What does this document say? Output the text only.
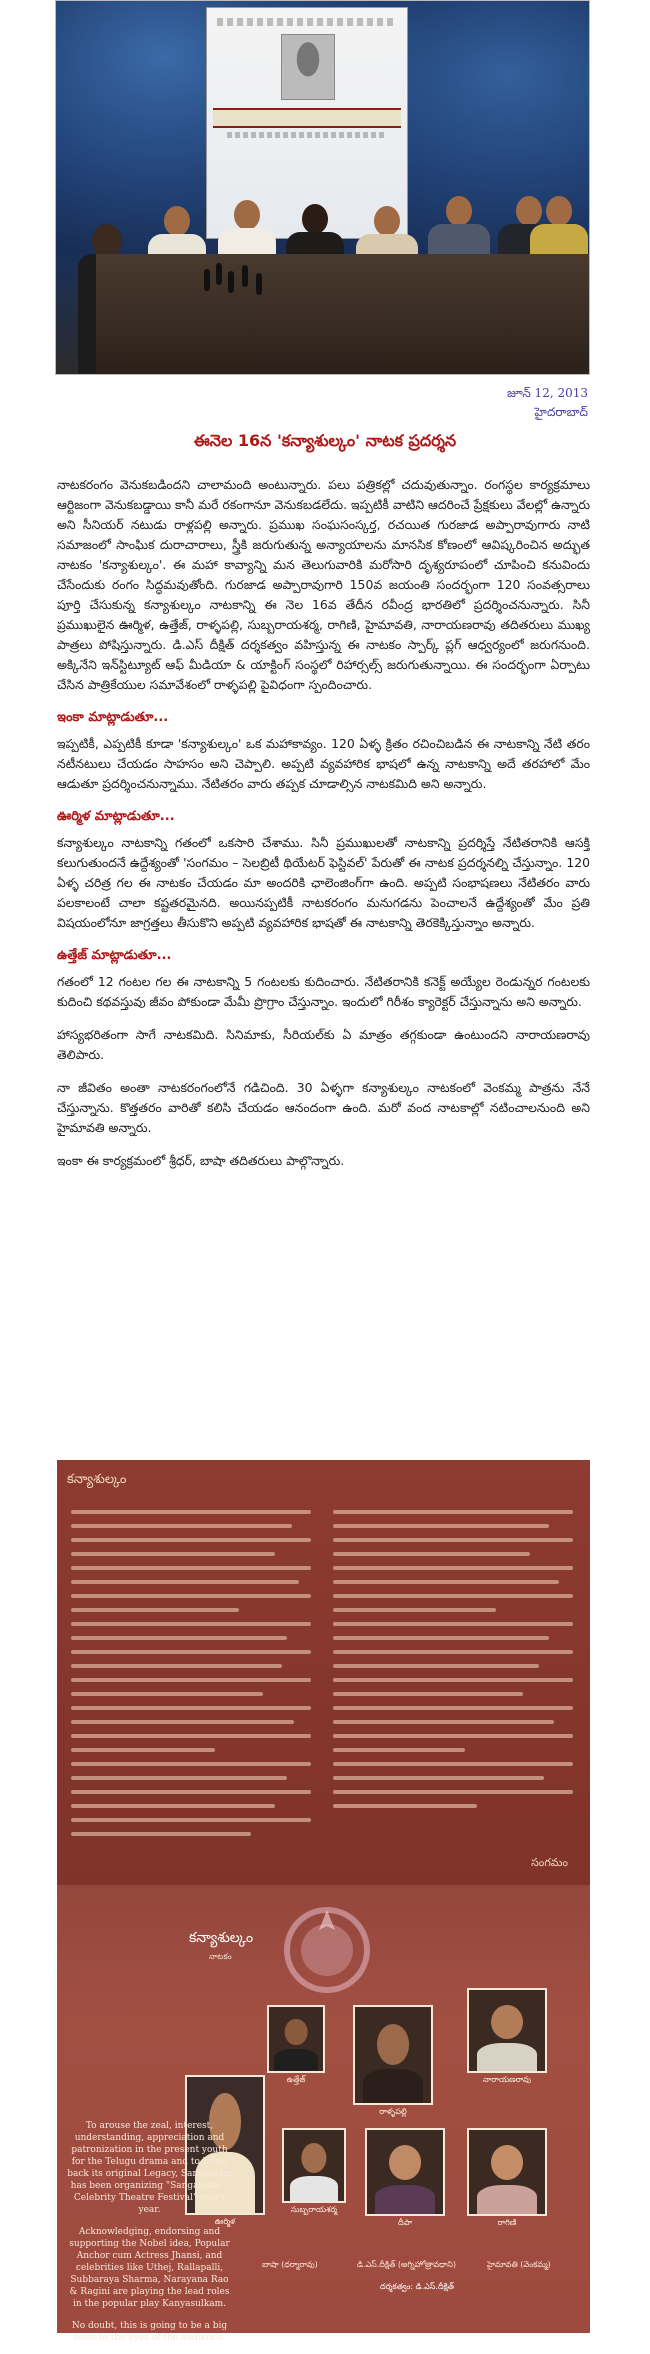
జూన్ 12, 2013
హైదరాబాద్
ఈనెల 16న 'కన్యాశుల్కం' నాటక ప్రదర్శన

నాటకరంగం వెనుకబడిందని చాలామంది అంటున్నారు. పలు పత్రికల్లో చదువుతున్నాం. రంగస్థల కార్యక్రమాలు ఆర్టిజంగా వెనుకబడ్డాయి కానీ మరే రకంగానూ వెనుకబడలేదు. ఇప్పటికీ వాటిని ఆదరించే ప్రేక్షకులు వేలల్లో ఉన్నారు అని సీనియర్ నటుడు రాళ్లపల్లి అన్నారు. ప్రముఖ సంఘసంస్కర్త, రచయిత గురజాడ అప్పారావుగారు నాటి సమాజంలో సాంఘిక దురాచారాలు, స్త్రీకి జరుగుతున్న అన్యాయాలను మానసిక కోణంలో ఆవిష్కరించిన అద్భుత నాటకం 'కన్యాశుల్కం'. ఈ మహా కావ్యాన్ని మన తెలుగువారికి మరోసారి దృశ్యరూపంలో చూపించి కనువిందు చేసేందుకు రంగం సిద్ధమవుతోంది. గురజాడ అప్పారావుగారి 150వ జయంతి సందర్భంగా 120 సంవత్సరాలు పూర్తి చేసుకున్న కన్యాశుల్కం నాటకాన్ని ఈ నెల 16వ తేదీన రవీంద్ర భారతిలో ప్రదర్శించనున్నారు. సినీ ప్రముఖులైన ఊర్మిళ, ఉత్తేజ్, రాళ్ళపల్లి, సుబ్బరాయశర్మ, రాగిణి, హైమావతి, నారాయణరావు తదితరులు ముఖ్య పాత్రలు పోషిస్తున్నారు. డి.ఎస్ దీక్షిత్ దర్శకత్వం వహిస్తున్న ఈ నాటకం స్పార్క్ ప్లగ్ ఆధ్వర్యంలో జరుగనుంది. అక్కినేని ఇన్‌స్టిట్యూట్ ఆఫ్ మీడియా & యాక్టింగ్ సంస్థలో రిహార్సల్స్ జరుగుతున్నాయి. ఈ సందర్భంగా ఏర్పాటు చేసిన పాత్రికేయుల సమావేశంలో రాళ్ళపల్లి పైవిధంగా స్పందించారు.

ఇంకా మాట్లాడుతూ...

ఇప్పటికీ, ఎప్పటికీ కూడా 'కన్యాశుల్కం' ఒక మహాకావ్యం. 120 ఏళ్ళ క్రితం రచించిబడిన ఈ నాటకాన్ని నేటి తరం నటీనటులు చేయడం సాహసం అని చెప్పాలి. అప్పటి వ్యవహారిక భాషలో ఉన్న నాటకాన్ని అదే తరహాలో మేం ఆడుతూ ప్రదర్శించనున్నాము. నేటితరం వారు తప్పక చూడాల్సిన నాటకమిది అని అన్నారు.

ఊర్మిళ మాట్లాడుతూ...

కన్యాశుల్కం నాటకాన్ని గతంలో ఒకసారి చేశాము. సినీ ప్రముఖులతో నాటకాన్ని ప్రదర్శిస్తే నేటితరానికి ఆసక్తి కలుగుతుందనే ఉద్దేశ్యంతో 'సంగమం – సెలబ్రిటీ థియేటర్ ఫెస్టివల్' పేరుతో ఈ నాటక ప్రదర్శనల్ని చేస్తున్నాం. 120 ఏళ్ళ చరిత్ర గల ఈ నాటకం చేయడం మా అందరికి ఛాలెంజింగ్‌గా ఉంది. అప్పటి సంభాషణలు నేటితరం వారు పలకాలంటే చాలా కష్టతరమైనది. అయినప్పటికీ నాటకరంగం మనుగడను పెంచాలనే ఉద్దేశ్యంతో మేం ప్రతి విషయంలోనూ జాగ్రత్తలు తీసుకొని అప్పటి వ్యవహారిక భాషతో ఈ నాటకాన్ని తెరకెక్కిస్తున్నాం అన్నారు.

ఉత్తేజ్ మాట్లాడుతూ...

గతంలో 12 గంటల గల ఈ నాటకాన్ని 5 గంటలకు కుదించారు. నేటితరానికి కనెక్ట్ అయ్యేల రెండున్నర గంటలకు కుదించి కథవస్తువు జీవం పోకుండా మేమీ ప్రొగ్రాం చేస్తున్నాం. ఇందులో గిరీశం క్యారెక్టర్ చేస్తున్నాను అని అన్నారు.

హాస్యభరితంగా సాగే నాటకమిది. సినిమాకు, సీరియల్‌కు ఏ మాత్రం తగ్గకుండా ఉంటుందని నారాయణరావు తెలిపారు.

నా జీవితం అంతా నాటకరంగంలోనే గడిచింది. 30 ఏళ్ళగా కన్యాశుల్కం నాటకంలో వెంకమ్మ పాత్రను నేనే చేస్తున్నాను. కొత్తతరం వారితో కలిసి చేయడం ఆనందంగా ఉంది. మరో వంద నాటకాల్లో నటించాలనుంది అని హైమావతి అన్నారు.

ఇంకా ఈ కార్యక్రమంలో శ్రీధర్, బాషా తదితరులు పాల్గొన్నారు.

కన్యాశుల్కం
సంగమం
కన్యాశుల్కం
నాటకం
ఉత్తేజ్
రాళ్ళపల్లి
నారాయణరావు
ఊర్మిళ
సుబ్బరాయశర్మ
దీపా	రాగిణి

To arouse the zeal, interest, understanding, appreciation and patronization in the present youth for the Telugu drama and to bring back its original Legacy, Sangamam has been organizing "Sangamam – Celebrity Theatre Festival" every year.

Acknowledging, endorsing and supporting the Nobel idea, Popular Anchor cum Actress Jhansi, and celebrities like Uthej, Rallapalli, Subbaraya Sharma, Narayana Rao & Ragini are playing the lead roles in the popular play Kanyasulkam.

No doubt, this is going to be a big feast to the eyes of the audience.

బాషా (ధర్మారావు)	డి.ఎస్.దీక్షిత్ (అగ్నిహోత్రావధాని)	హైమావతి (వెంకమ్మ)
దర్శకత్వం: డి.ఎస్.దీక్షిత్
